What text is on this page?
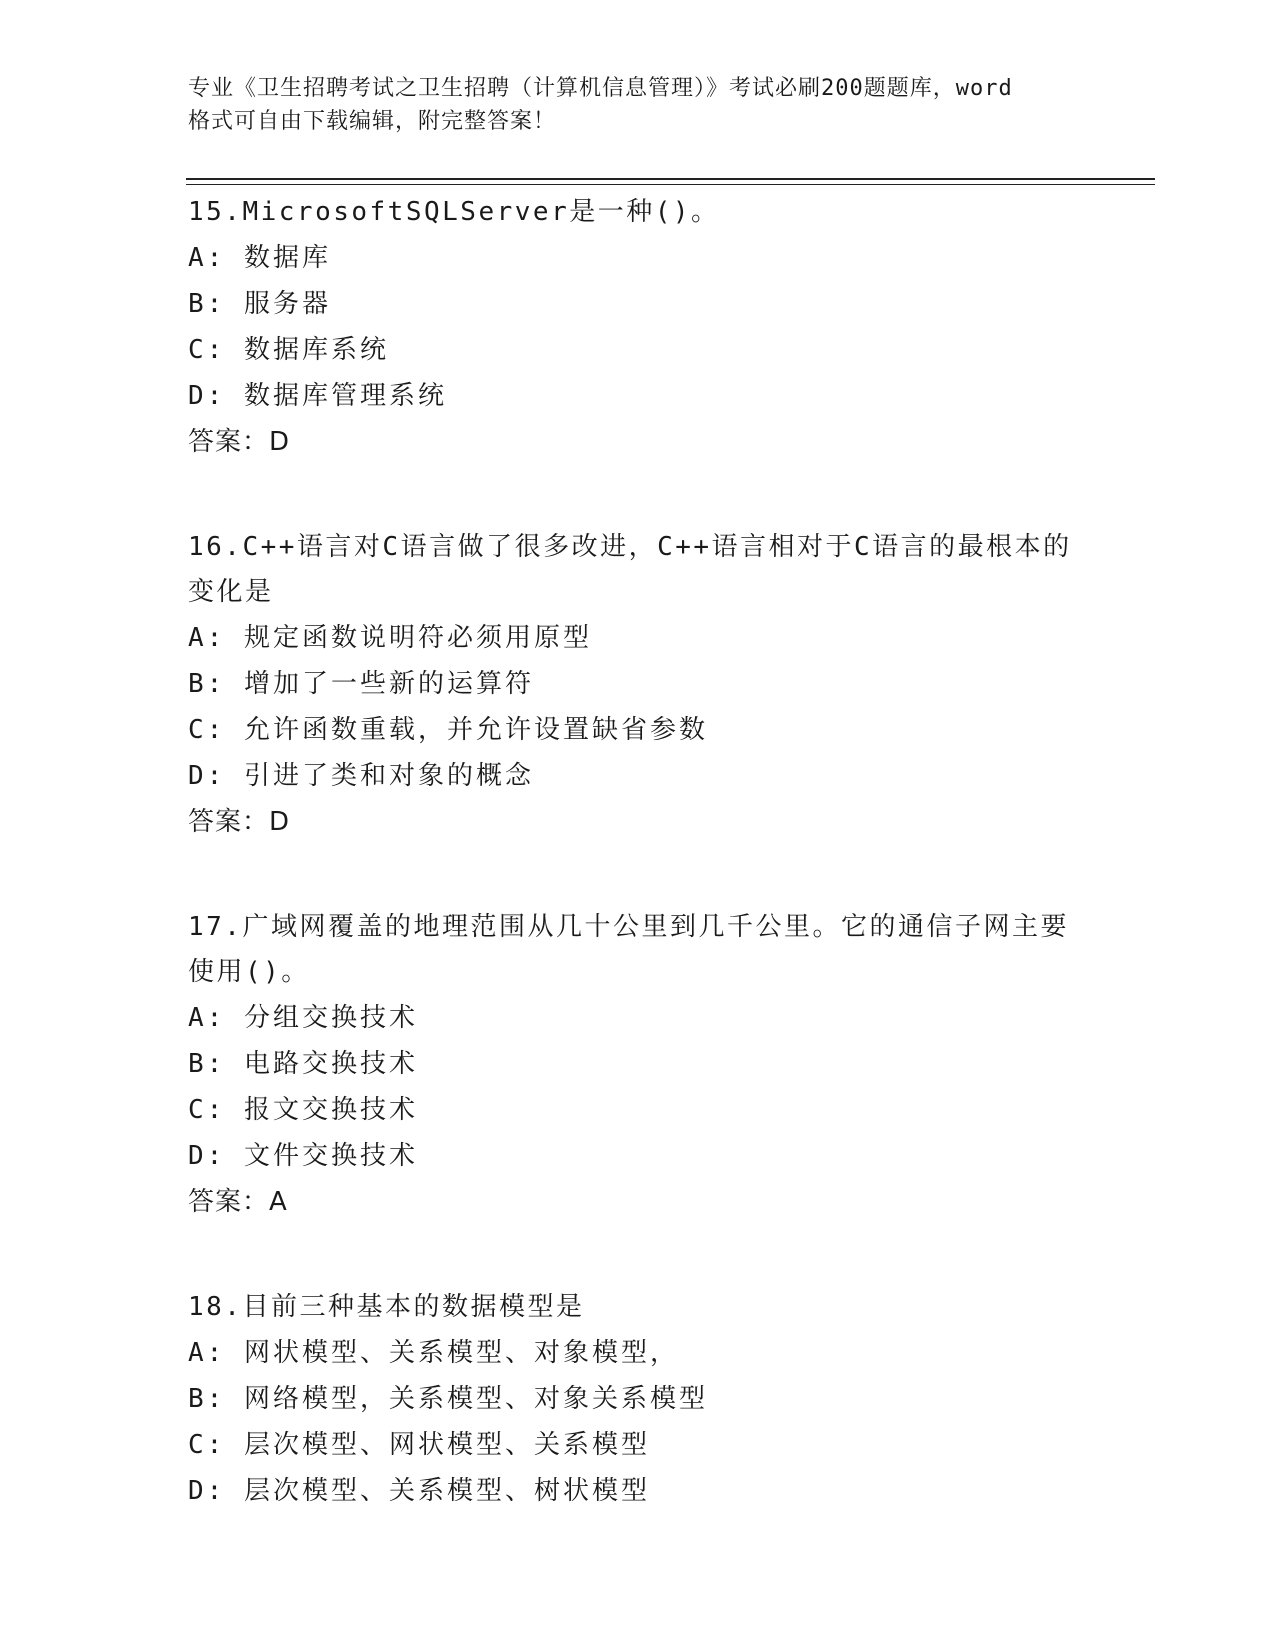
专业《卫生招聘考试之卫生招聘（计算机信息管理）》考试必刷200题题库，word

格式可自由下载编辑，附完整答案！

15.MicrosoftSQLServer是一种()。

A: 数据库

B: 服务器

C: 数据库系统

D: 数据库管理系统

答案：D

16.C++语言对C语言做了很多改进，C++语言相对于C语言的最根本的

变化是

A: 规定函数说明符必须用原型

B: 增加了一些新的运算符

C: 允许函数重载，并允许设置缺省参数

D: 引进了类和对象的概念

答案：D

17.广域网覆盖的地理范围从几十公里到几千公里。它的通信子网主要

使用()。

A: 分组交换技术

B: 电路交换技术

C: 报文交换技术

D: 文件交换技术

答案：A

18.目前三种基本的数据模型是

A: 网状模型、关系模型、对象模型，

B: 网络模型，关系模型、对象关系模型

C: 层次模型、网状模型、关系模型

D: 层次模型、关系模型、树状模型
